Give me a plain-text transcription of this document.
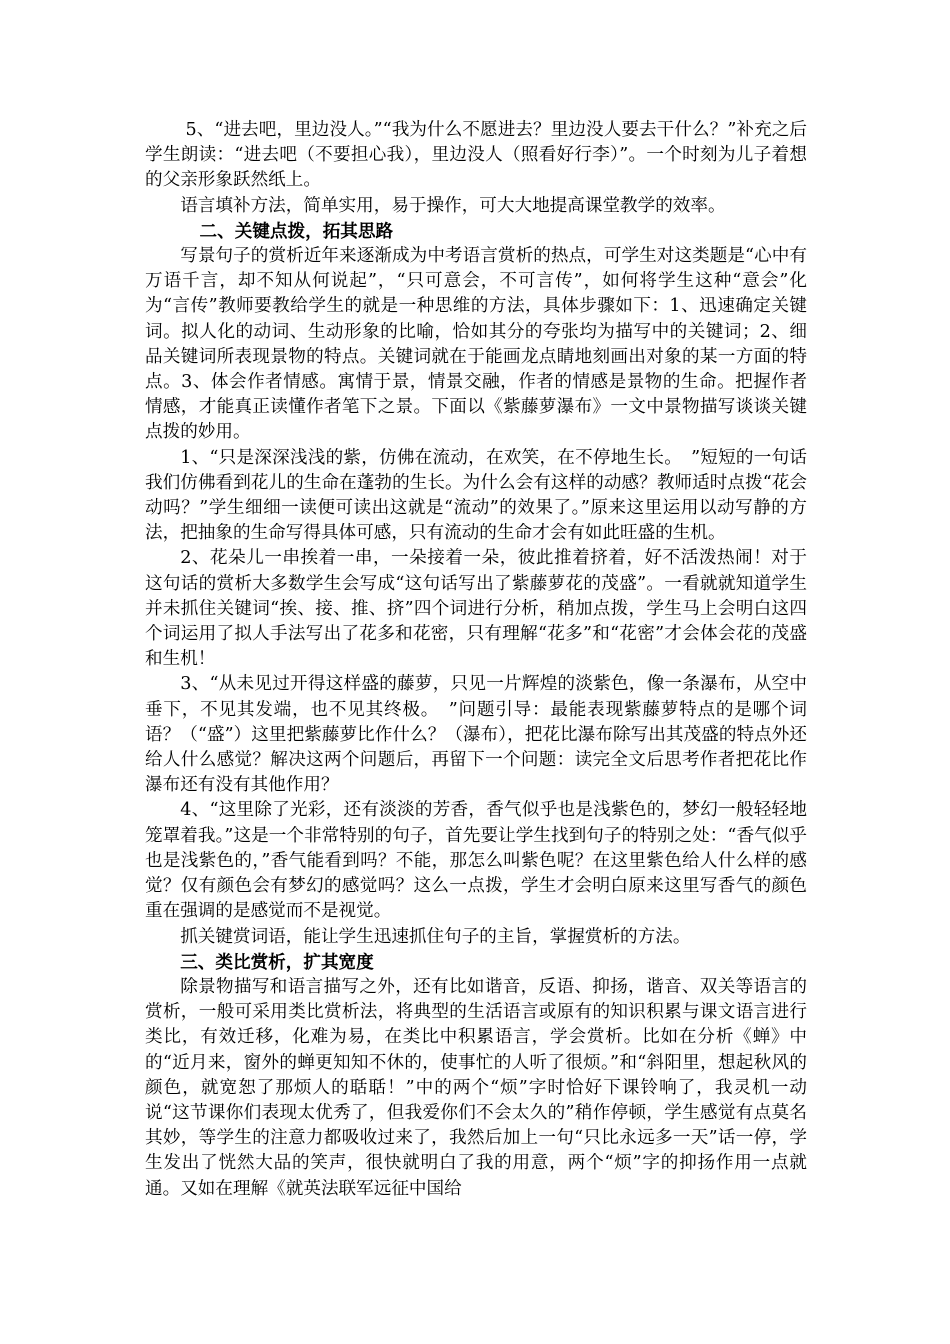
5、“进去吧，里边没人。”“我为什么不愿进去？里边没人要去干什么？”补充之后学生朗读：“进去吧（不要担心我），里边没人（照看好行李）”。一个时刻为儿子着想的父亲形象跃然纸上。

语言填补方法，简单实用，易于操作，可大大地提高课堂教学的效率。

二、关键点拨，拓其思路

写景句子的赏析近年来逐渐成为中考语言赏析的热点，可学生对这类题是“心中有万语千言，却不知从何说起”，“只可意会，不可言传”，如何将学生这种“意会”化为“言传”教师要教给学生的就是一种思维的方法，具体步骤如下：1、迅速确定关键词。拟人化的动词、生动形象的比喻，恰如其分的夸张均为描写中的关键词；2、细品关键词所表现景物的特点。关键词就在于能画龙点睛地刻画出对象的某一方面的特点。3、体会作者情感。寓情于景，情景交融，作者的情感是景物的生命。把握作者情感，才能真正读懂作者笔下之景。下面以《紫藤萝瀑布》一文中景物描写谈谈关键点拨的妙用。

1、“只是深深浅浅的紫，仿佛在流动，在欢笑，在不停地生长。　”短短的一句话我们仿佛看到花儿的生命在蓬勃的生长。为什么会有这样的动感？教师适时点拨“花会动吗？”学生细细一读便可读出这就是“流动”的效果了。”原来这里运用以动写静的方法，把抽象的生命写得具体可感，只有流动的生命才会有如此旺盛的生机。

2、花朵儿一串挨着一串，一朵接着一朵，彼此推着挤着，好不活泼热闹！对于这句话的赏析大多数学生会写成“这句话写出了紫藤萝花的茂盛”。一看就就知道学生并未抓住关键词“挨、接、推、挤”四个词进行分析，稍加点拨，学生马上会明白这四个词运用了拟人手法写出了花多和花密，只有理解“花多”和“花密”才会体会花的茂盛和生机！

3、“从未见过开得这样盛的藤萝，只见一片辉煌的淡紫色，像一条瀑布，从空中垂下，不见其发端，也不见其终极。　”问题引导：最能表现紫藤萝特点的是哪个词语？（“盛”）这里把紫藤萝比作什么？（瀑布），把花比瀑布除写出其茂盛的特点外还给人什么感觉？解决这两个问题后，再留下一个问题：读完全文后思考作者把花比作瀑布还有没有其他作用？

4、“这里除了光彩，还有淡淡的芳香，香气似乎也是浅紫色的，梦幻一般轻轻地笼罩着我。”这是一个非常特别的句子，首先要让学生找到句子的特别之处：“香气似乎也是浅紫色的，”香气能看到吗？不能，那怎么叫紫色呢？在这里紫色给人什么样的感觉？仅有颜色会有梦幻的感觉吗？这么一点拨，学生才会明白原来这里写香气的颜色重在强调的是感觉而不是视觉。

抓关键赏词语，能让学生迅速抓住句子的主旨，掌握赏析的方法。

三、类比赏析，扩其宽度

除景物描写和语言描写之外，还有比如谐音，反语、抑扬，谐音、双关等语言的赏析，一般可采用类比赏析法，将典型的生活语言或原有的知识积累与课文语言进行类比，有效迁移，化难为易，在类比中积累语言，学会赏析。比如在分析《蝉》中的“近月来，窗外的蝉更知知不休的，使事忙的人听了很烦。”和“斜阳里，想起秋风的颜色，就宽恕了那烦人的聒聒！”中的两个“烦”字时恰好下课铃响了，我灵机一动说“这节课你们表现太优秀了，但我爱你们不会太久的”稍作停顿，学生感觉有点莫名其妙，等学生的注意力都吸收过来了，我然后加上一句“只比永远多一天”话一停，学生发出了恍然大品的笑声，很快就明白了我的用意，两个“烦”字的抑扬作用一点就通。又如在理解《就英法联军远征中国给
